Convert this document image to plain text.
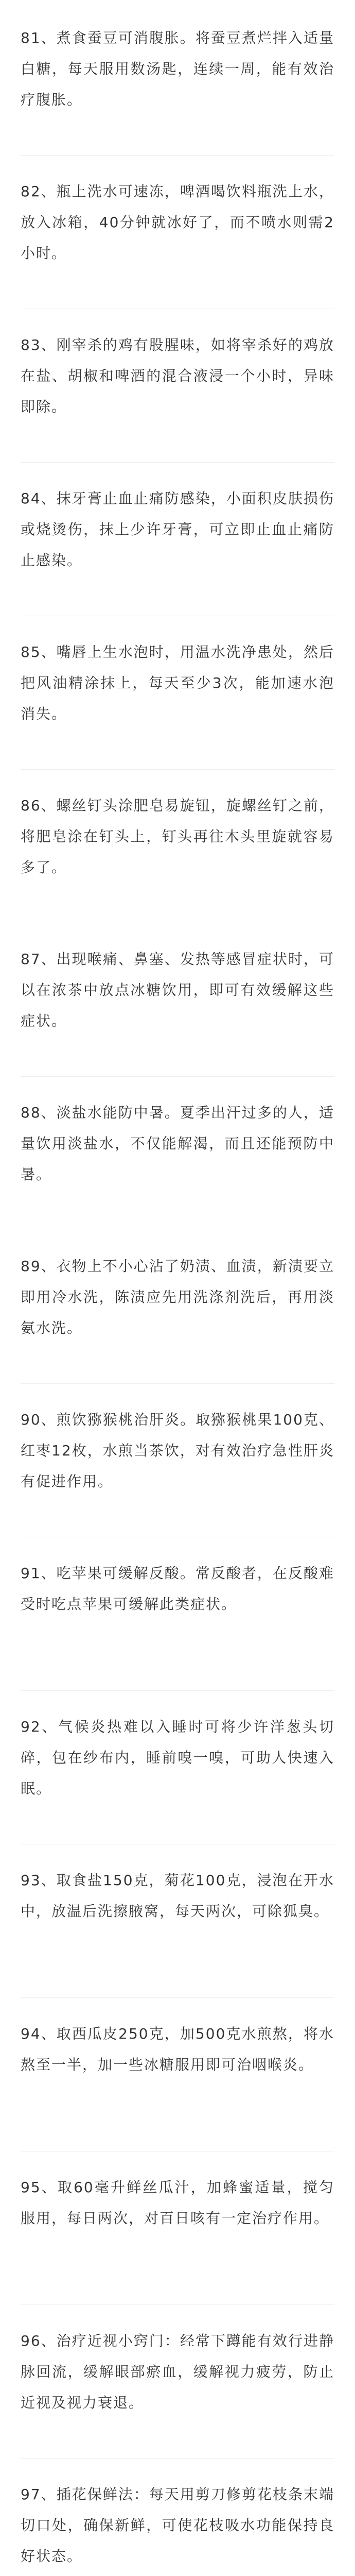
81、煮食蚕豆可消腹胀。将蚕豆煮烂拌入适量白糖，每天服用数汤匙，连续一周，能有效治疗腹胀。

82、瓶上洗水可速冻，啤酒喝饮料瓶洗上水，放入冰箱，40分钟就冰好了，而不喷水则需2小时。

83、刚宰杀的鸡有股腥味，如将宰杀好的鸡放在盐、胡椒和啤酒的混合液浸一个小时，异味即除。

84、抹牙膏止血止痛防感染，小面积皮肤损伤或烧烫伤，抹上少许牙膏，可立即止血止痛防止感染。

85、嘴唇上生水泡时，用温水洗净患处，然后把风油精涂抹上，每天至少3次，能加速水泡消失。

86、螺丝钉头涂肥皂易旋钮，旋螺丝钉之前，将肥皂涂在钉头上，钉头再往木头里旋就容易多了。

87、出现喉痛、鼻塞、发热等感冒症状时，可以在浓茶中放点冰糖饮用，即可有效缓解这些症状。

88、淡盐水能防中暑。夏季出汗过多的人，适量饮用淡盐水，不仅能解渴，而且还能预防中暑。

89、衣物上不小心沾了奶渍、血渍，新渍要立即用冷水洗，陈渍应先用洗涤剂洗后，再用淡氨水洗。

90、煎饮猕猴桃治肝炎。取猕猴桃果100克、红枣12枚，水煎当茶饮，对有效治疗急性肝炎有促进作用。

91、吃苹果可缓解反酸。常反酸者，在反酸难受时吃点苹果可缓解此类症状。

92、气候炎热难以入睡时可将少许洋葱头切碎，包在纱布内，睡前嗅一嗅，可助人快速入眠。

93、取食盐150克，菊花100克，浸泡在开水中，放温后洗擦腋窝，每天两次，可除狐臭。

94、取西瓜皮250克，加500克水煎熬，将水熬至一半，加一些冰糖服用即可治咽喉炎。

95、取60毫升鲜丝瓜汁，加蜂蜜适量，搅匀服用，每日两次，对百日咳有一定治疗作用。

96、治疗近视小窍门：经常下蹲能有效行进静脉回流，缓解眼部瘀血，缓解视力疲劳，防止近视及视力衰退。

97、插花保鲜法：每天用剪刀修剪花枝条末端切口处，确保新鲜，可使花枝吸水功能保持良好状态。
